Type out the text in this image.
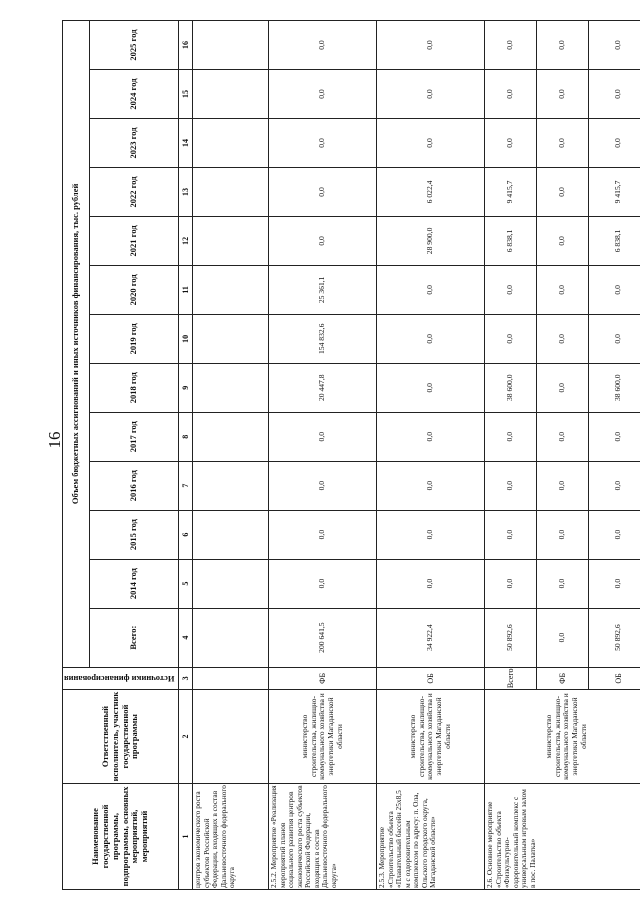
16
Наименование государственной программы, подпрограммы, основных мероприятий, мероприятий	Ответственный исполнитель, участник государственной программы	Источники финансирования	Объем бюджетных ассигнований и иных источников финансирования, тыс. рублей												
			Всего:	2014 год	2015 год	2016 год	2017 год	2018 год	2019 год	2020 год	2021 год	2022 год	2023 год	2024 год	2025 год
1	2	3	4	5	6	7	8	9	10	11	12	13	14	15	16
центров экономического роста субъектов Российской Федерации, входящих в состав Дальневосточного федерального округа															
2.5.2. Мероприятие «Реализация мероприятий планов социального развития центров экономического роста субъектов Российской Федерации, входящих в состав Дальневосточного федерального округа»	министерство строительства, жилищно-коммунального хозяйства и энергетики Магаданской области	ФБ	200 641,5	0,0	0,0	0,0	0,0	20 447,8	154 832,6	25 361,1	0,0	0,0	0,0	0,0	0,0
2.5.3. Мероприятие «Строительство объекта «Плавательный бассейн 25х8,5 м с оздоровительным комплексом по адресу: п. Ола, Ольского городского округа, Магаданской области»	министерство строительства, жилищно-коммунального хозяйства и энергетики Магаданской области	ОБ	34 922,4	0,0	0,0	0,0	0,0	0,0	0,0	0,0	28 900,0	6 022,4	0,0	0,0	0,0
2.6. Основное мероприятие «Строительство объекта «Физкультурно-оздоровительный комплекс с универсальным игровым залом в пос. Палатка»	министерство строительства, жилищно-коммунального хозяйства и энергетики Магаданской области	Всего:	50 892,6	0,0	0,0	0,0	0,0	38 600,0	0,0	0,0	6 838,1	9 415,7	0,0	0,0	0,0
		ФБ	0,0	0,0	0,0	0,0	0,0	0,0	0,0	0,0	0,0	0,0	0,0	0,0	0,0
		ОБ	50 892,6	0,0	0,0	0,0	0,0	38 600,0	0,0	0,0	6 838,1	9 415,7	0,0	0,0	0,0
